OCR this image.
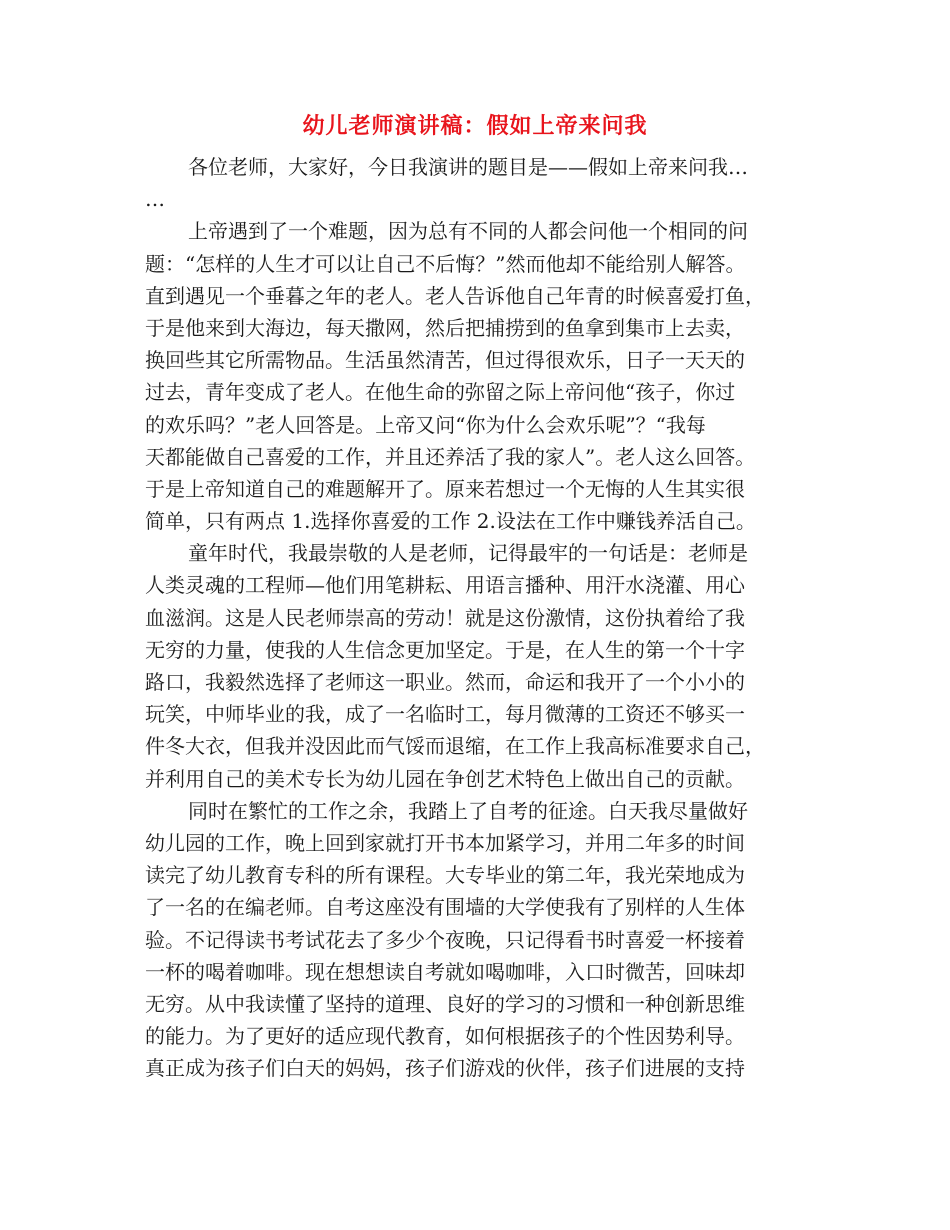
幼儿老师演讲稿：假如上帝来问我
各位老师，大家好，今日我演讲的题目是——假如上帝来问我…
…
上帝遇到了一个难题，因为总有不同的人都会问他一个相同的问
题：“怎样的人生才可以让自己不后悔？”然而他却不能给别人解答。
直到遇见一个垂暮之年的老人。老人告诉他自己年青的时候喜爱打鱼，
于是他来到大海边，每天撒网，然后把捕捞到的鱼拿到集市上去卖，
换回些其它所需物品。生活虽然清苦，但过得很欢乐，日子一天天的
过去，青年变成了老人。在他生命的弥留之际上帝问他“孩子，你过
的欢乐吗？”老人回答是。上帝又问“你为什么会欢乐呢”？“我每
天都能做自己喜爱的工作，并且还养活了我的家人”。老人这么回答。
于是上帝知道自己的难题解开了。原来若想过一个无悔的人生其实很
简单，只有两点 1.选择你喜爱的工作 2.设法在工作中赚钱养活自己。
童年时代，我最崇敬的人是老师，记得最牢的一句话是：老师是
人类灵魂的工程师—他们用笔耕耘、用语言播种、用汗水浇灌、用心
血滋润。这是人民老师崇高的劳动！就是这份激情，这份执着给了我
无穷的力量，使我的人生信念更加坚定。于是，在人生的第一个十字
路口，我毅然选择了老师这一职业。然而，命运和我开了一个小小的
玩笑，中师毕业的我，成了一名临时工，每月微薄的工资还不够买一
件冬大衣，但我并没因此而气馁而退缩，在工作上我高标准要求自己，
并利用自己的美术专长为幼儿园在争创艺术特色上做出自己的贡献。
同时在繁忙的工作之余，我踏上了自考的征途。白天我尽量做好
幼儿园的工作，晚上回到家就打开书本加紧学习，并用二年多的时间
读完了幼儿教育专科的所有课程。大专毕业的第二年，我光荣地成为
了一名的在编老师。自考这座没有围墙的大学使我有了别样的人生体
验。不记得读书考试花去了多少个夜晚，只记得看书时喜爱一杯接着
一杯的喝着咖啡。现在想想读自考就如喝咖啡，入口时微苦，回味却
无穷。从中我读懂了坚持的道理、良好的学习的习惯和一种创新思维
的能力。为了更好的适应现代教育，如何根据孩子的个性因势利导。
真正成为孩子们白天的妈妈，孩子们游戏的伙伴，孩子们进展的支持
